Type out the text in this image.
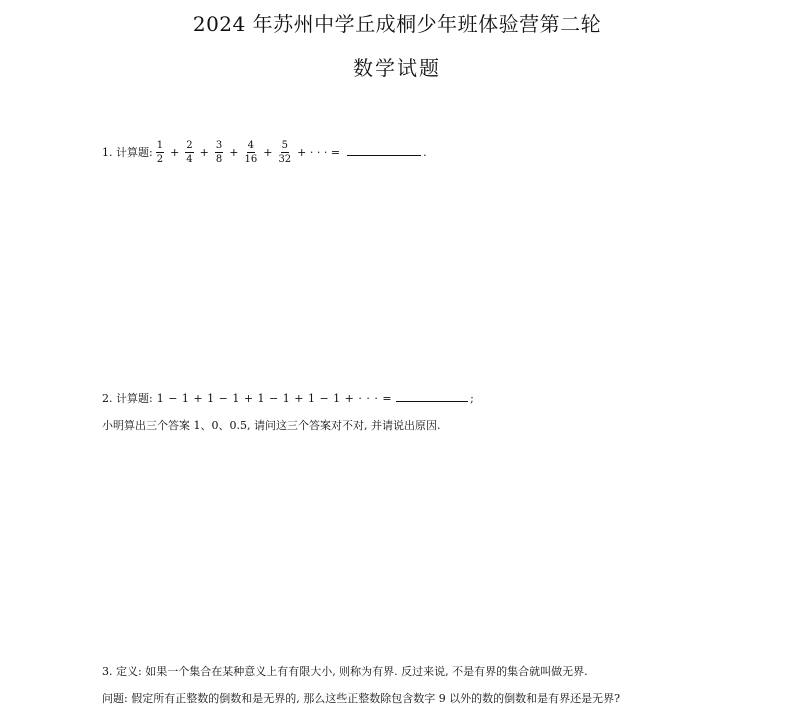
2024 年苏州中学丘成桐少年班体验营第二轮
数学试题
1. 计算题: $\frac{1}{2} + \frac{2}{4} + \frac{3}{8} + \frac{4}{16} + \frac{5}{32}$ + · · · =	.
2. 计算题: 1 − 1 + 1 − 1 + 1 − 1 + 1 − 1 + · · · =	;
小明算出三个答案 1、0、0.5, 请问这三个答案对不对, 并请说出原因.
3. 定义: 如果一个集合在某种意义上有有限大小, 则称为有界. 反过来说, 不是有界的集合就叫做无界.
问题: 假定所有正整数的倒数和是无界的, 那么这些正整数除包含数字 9 以外的数的倒数和是有界还是无界?
